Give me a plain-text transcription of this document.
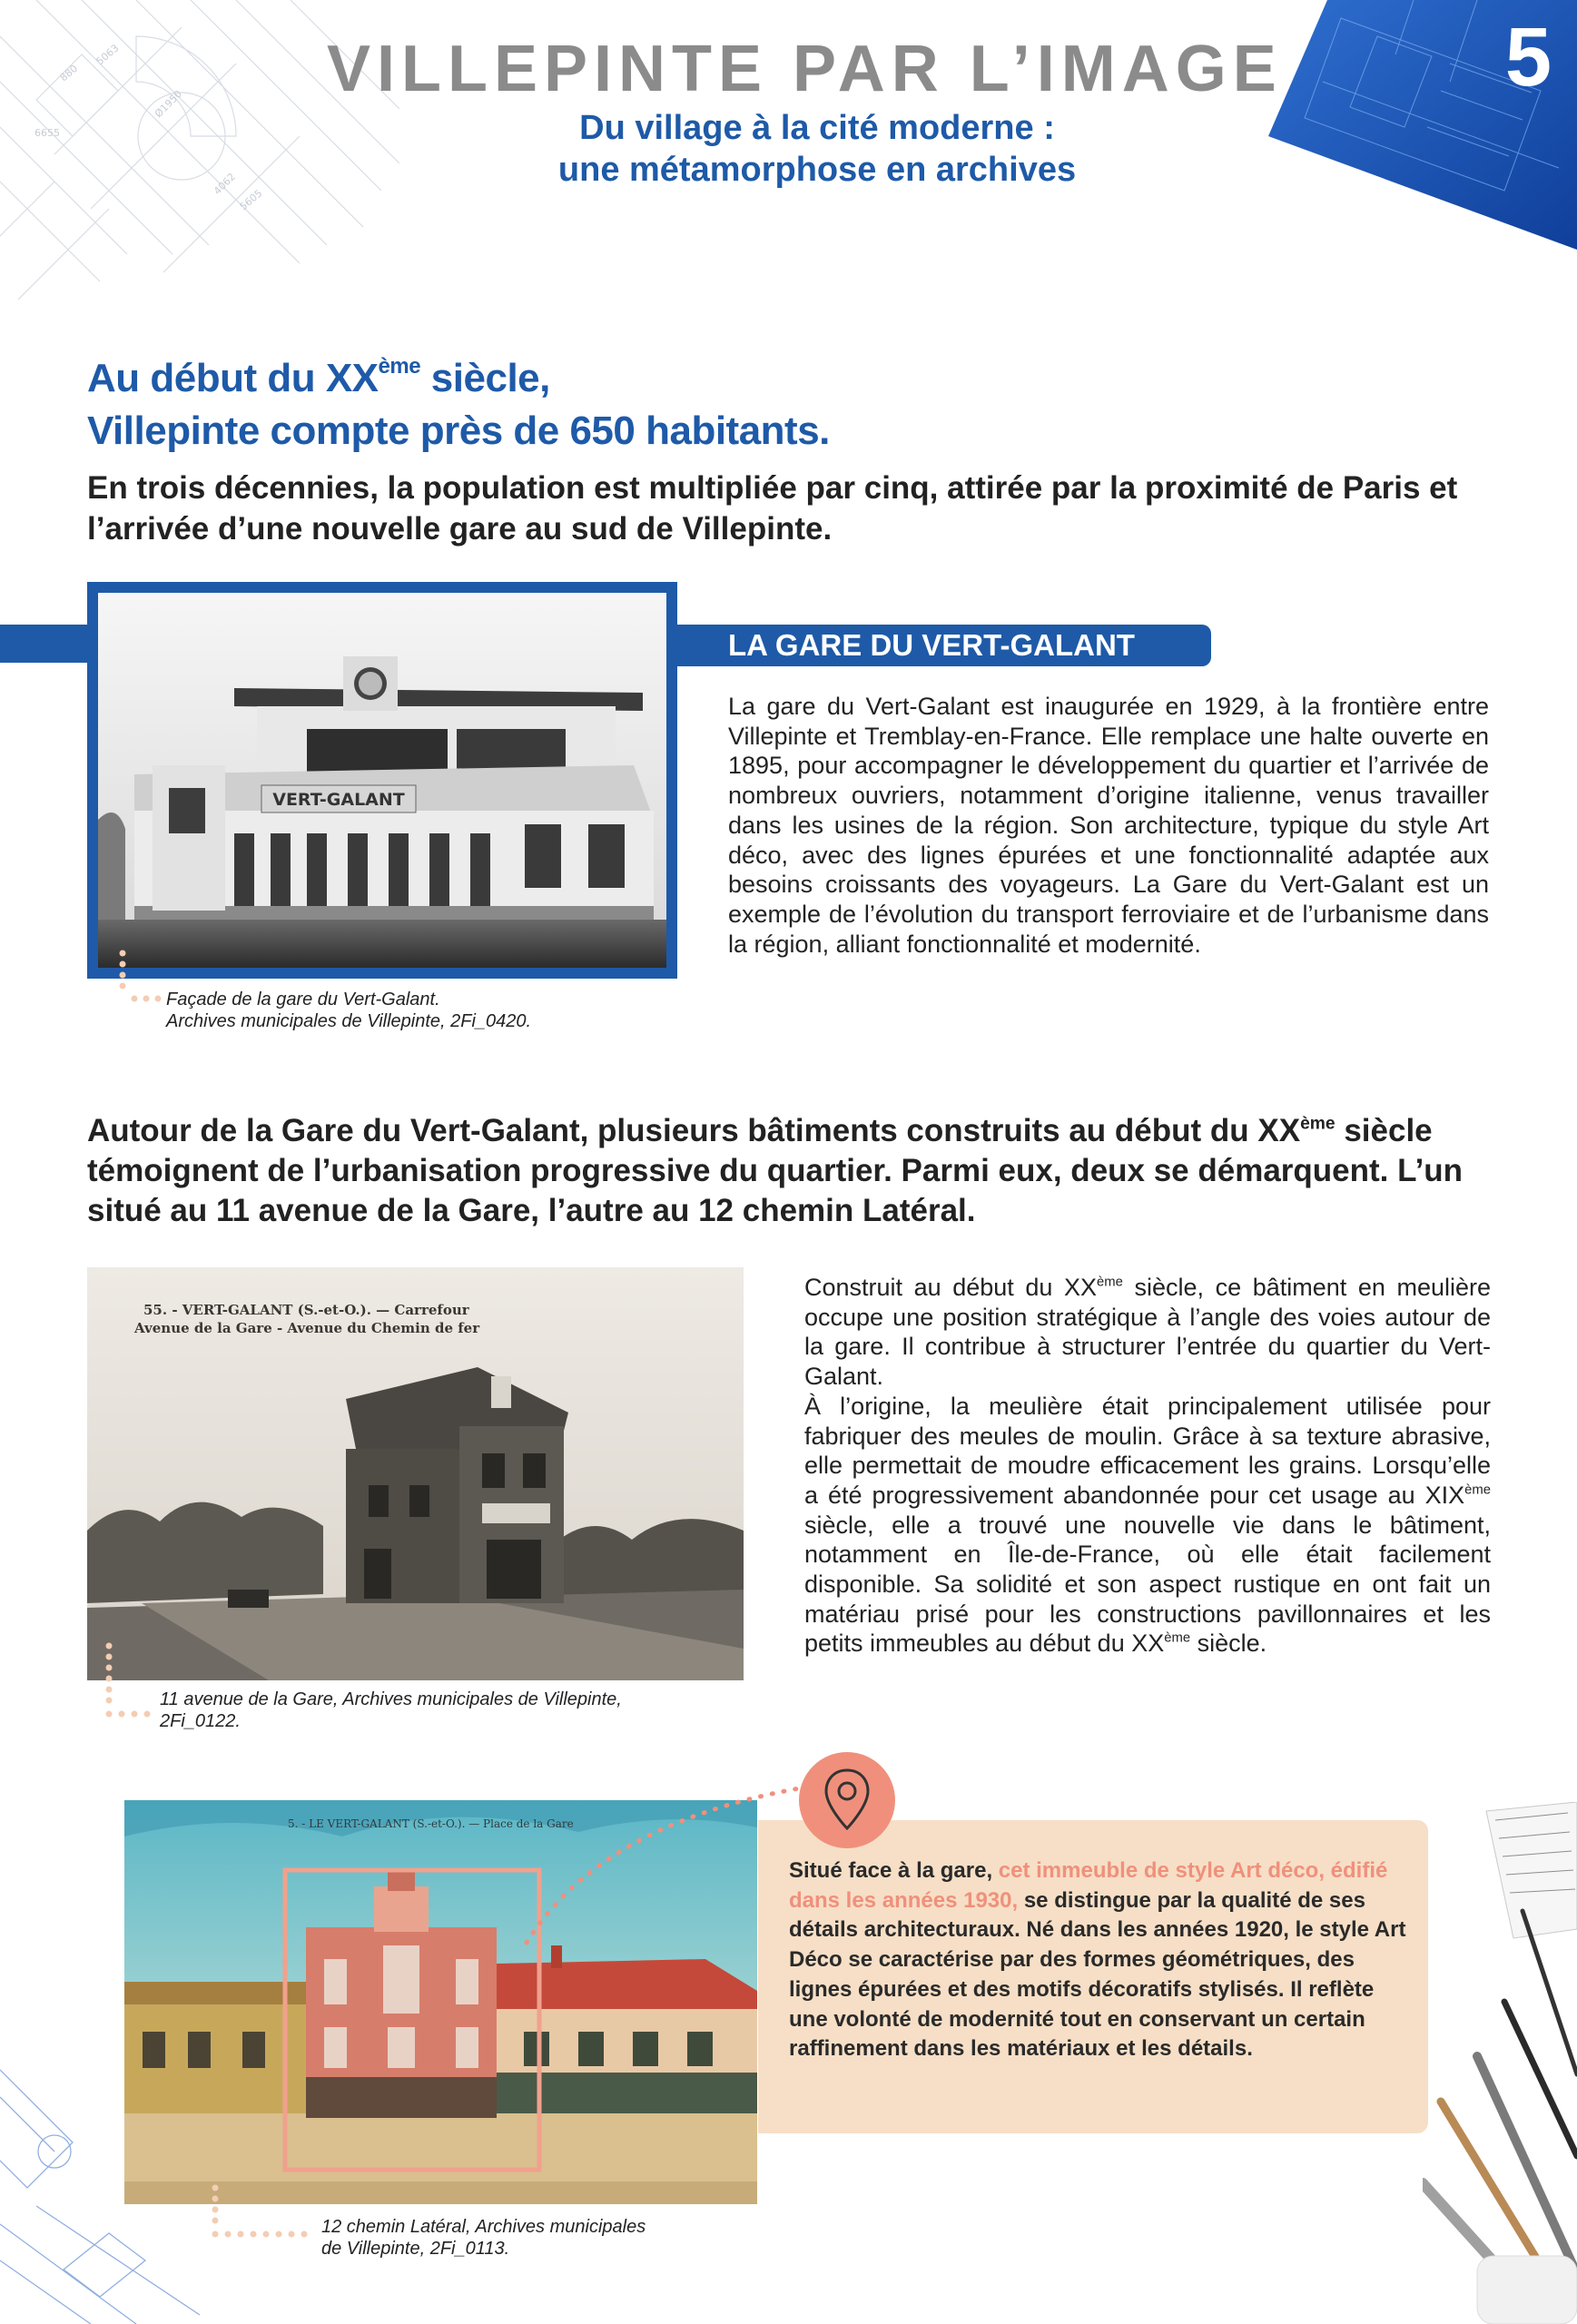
5063
Ø1950
4062
6655
5605
880	5
VILLEPINTE PAR L’IMAGE
Du village à la cité moderne :
une métamorphose en archives
Au début du XXème siècle,
Villepinte compte près de 650 habitants.
En trois décennies, la population est multipliée par cinq, attirée par la proximité de Paris et l’arrivée d’une nouvelle gare au sud de Villepinte.
VERT-GALANT
LA GARE DU VERT-GALANT
La gare du Vert-Galant est inaugurée en 1929, à la frontière entre Villepinte et Tremblay-en-France. Elle remplace une halte ouverte en 1895, pour accompagner le développement du quartier et l’arrivée de nombreux ouvriers, notamment d’origine italienne, venus travailler dans les usines de la région. Son architecture, typique du style Art déco, avec des lignes épurées et une fonctionnalité adaptée aux besoins croissants des voyageurs. La Gare du Vert-Galant est un exemple de l’évolution du transport ferroviaire et de l’urbanisme dans la région, alliant fonctionnalité et modernité.
Façade de la gare du Vert-Galant.
Archives municipales de Villepinte, 2Fi_0420.
Autour de la Gare du Vert-Galant, plusieurs bâtiments construits au début du XXème siècle témoignent de l’urbanisation progressive du quartier. Parmi eux, deux se démarquent. L’un situé au 11 avenue de la Gare, l’autre au 12 chemin Latéral.
55. - VERT-GALANT (S.-et-O.). — Carrefour
Avenue de la Gare - Avenue du Chemin de fer
11 avenue de la Gare, Archives municipales de Villepinte,
2Fi_0122.
Construit au début du XXème siècle, ce bâtiment en meulière occupe une position stratégique à l’angle des voies autour de la gare. Il contribue à structurer l’entrée du quartier du Vert-Galant.
À l’origine, la meulière était principalement utilisée pour fabriquer des meules de moulin. Grâce à sa texture abrasive, elle permettait de moudre efficacement les grains. Lorsqu’elle a été progressivement abandonnée pour cet usage au XIXème siècle, elle a trouvé une nouvelle vie dans le bâtiment, notamment en Île-de-France, où elle était facilement disponible. Sa solidité et son aspect rustique en ont fait un matériau prisé pour les constructions pavillonnaires et les petits immeubles au début du XXème siècle.
5. - LE VERT-GALANT (S.-et-O.). — Place de la Gare
Situé face à la gare, cet immeuble de style Art déco, édifié dans les années 1930, se distingue par la qualité de ses détails architecturaux. Né dans les années 1920, le style Art Déco se caractérise par des formes géométriques, des lignes épurées et des motifs décoratifs stylisés. Il reflète une volonté de modernité tout en conservant un certain raffinement dans les matériaux et les détails.
12 chemin Latéral, Archives municipales
de Villepinte, 2Fi_0113.
